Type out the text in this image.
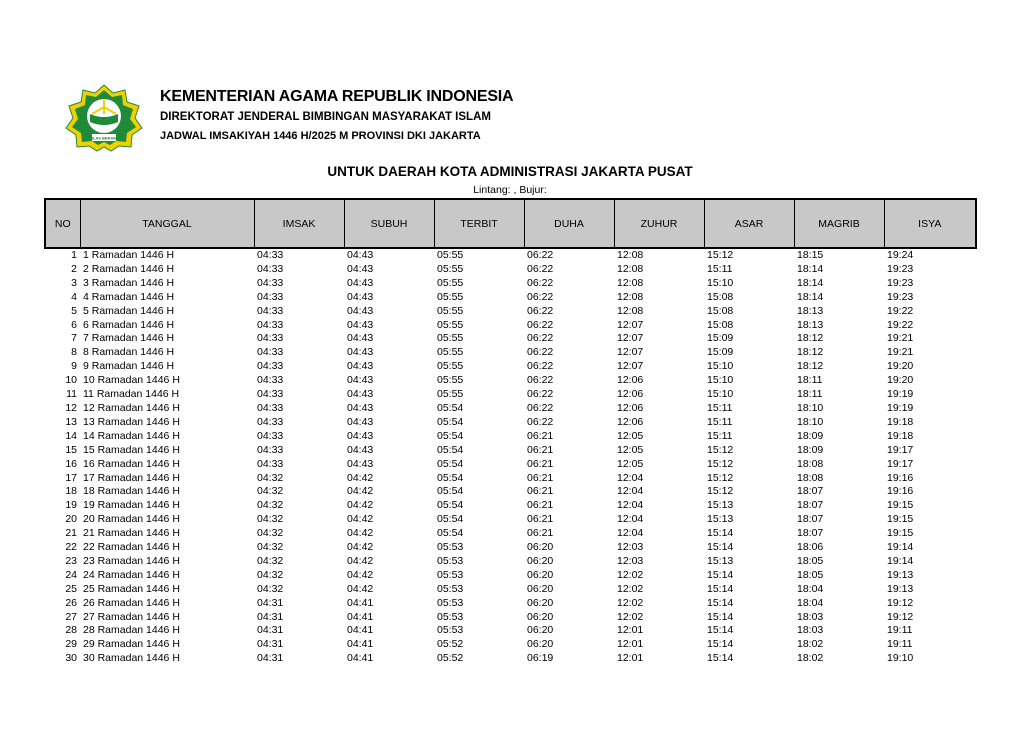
IKHLAS BERAMAL
KEMENTERIAN AGAMA REPUBLIK INDONESIA
DIREKTORAT JENDERAL BIMBINGAN MASYARAKAT ISLAM
JADWAL IMSAKIYAH 1446 H/2025 M PROVINSI DKI JAKARTA
UNTUK DAERAH KOTA ADMINISTRASI JAKARTA PUSAT
Lintang: , Bujur:
NO	TANGGAL	IMSAK	SUBUH	TERBIT	DUHA	ZUHUR	ASAR	MAGRIB	ISYA
1	1 Ramadan 1446 H	04:33	04:43	05:55	06:22	12:08	15:12	18:15	19:24
2	2 Ramadan 1446 H	04:33	04:43	05:55	06:22	12:08	15:11	18:14	19:23
3	3 Ramadan 1446 H	04:33	04:43	05:55	06:22	12:08	15:10	18:14	19:23
4	4 Ramadan 1446 H	04:33	04:43	05:55	06:22	12:08	15:08	18:14	19:23
5	5 Ramadan 1446 H	04:33	04:43	05:55	06:22	12:08	15:08	18:13	19:22
6	6 Ramadan 1446 H	04:33	04:43	05:55	06:22	12:07	15:08	18:13	19:22
7	7 Ramadan 1446 H	04:33	04:43	05:55	06:22	12:07	15:09	18:12	19:21
8	8 Ramadan 1446 H	04:33	04:43	05:55	06:22	12:07	15:09	18:12	19:21
9	9 Ramadan 1446 H	04:33	04:43	05:55	06:22	12:07	15:10	18:12	19:20
10	10 Ramadan 1446 H	04:33	04:43	05:55	06:22	12:06	15:10	18:11	19:20
11	11 Ramadan 1446 H	04:33	04:43	05:55	06:22	12:06	15:10	18:11	19:19
12	12 Ramadan 1446 H	04:33	04:43	05:54	06:22	12:06	15:11	18:10	19:19
13	13 Ramadan 1446 H	04:33	04:43	05:54	06:22	12:06	15:11	18:10	19:18
14	14 Ramadan 1446 H	04:33	04:43	05:54	06:21	12:05	15:11	18:09	19:18
15	15 Ramadan 1446 H	04:33	04:43	05:54	06:21	12:05	15:12	18:09	19:17
16	16 Ramadan 1446 H	04:33	04:43	05:54	06:21	12:05	15:12	18:08	19:17
17	17 Ramadan 1446 H	04:32	04:42	05:54	06:21	12:04	15:12	18:08	19:16
18	18 Ramadan 1446 H	04:32	04:42	05:54	06:21	12:04	15:12	18:07	19:16
19	19 Ramadan 1446 H	04:32	04:42	05:54	06:21	12:04	15:13	18:07	19:15
20	20 Ramadan 1446 H	04:32	04:42	05:54	06:21	12:04	15:13	18:07	19:15
21	21 Ramadan 1446 H	04:32	04:42	05:54	06:21	12:04	15:14	18:07	19:15
22	22 Ramadan 1446 H	04:32	04:42	05:53	06:20	12:03	15:14	18:06	19:14
23	23 Ramadan 1446 H	04:32	04:42	05:53	06:20	12:03	15:13	18:05	19:14
24	24 Ramadan 1446 H	04:32	04:42	05:53	06:20	12:02	15:14	18:05	19:13
25	25 Ramadan 1446 H	04:32	04:42	05:53	06:20	12:02	15:14	18:04	19:13
26	26 Ramadan 1446 H	04:31	04:41	05:53	06:20	12:02	15:14	18:04	19:12
27	27 Ramadan 1446 H	04:31	04:41	05:53	06:20	12:02	15:14	18:03	19:12
28	28 Ramadan 1446 H	04:31	04:41	05:53	06:20	12:01	15:14	18:03	19:11
29	29 Ramadan 1446 H	04:31	04:41	05:52	06:20	12:01	15:14	18:02	19:11
30	30 Ramadan 1446 H	04:31	04:41	05:52	06:19	12:01	15:14	18:02	19:10
